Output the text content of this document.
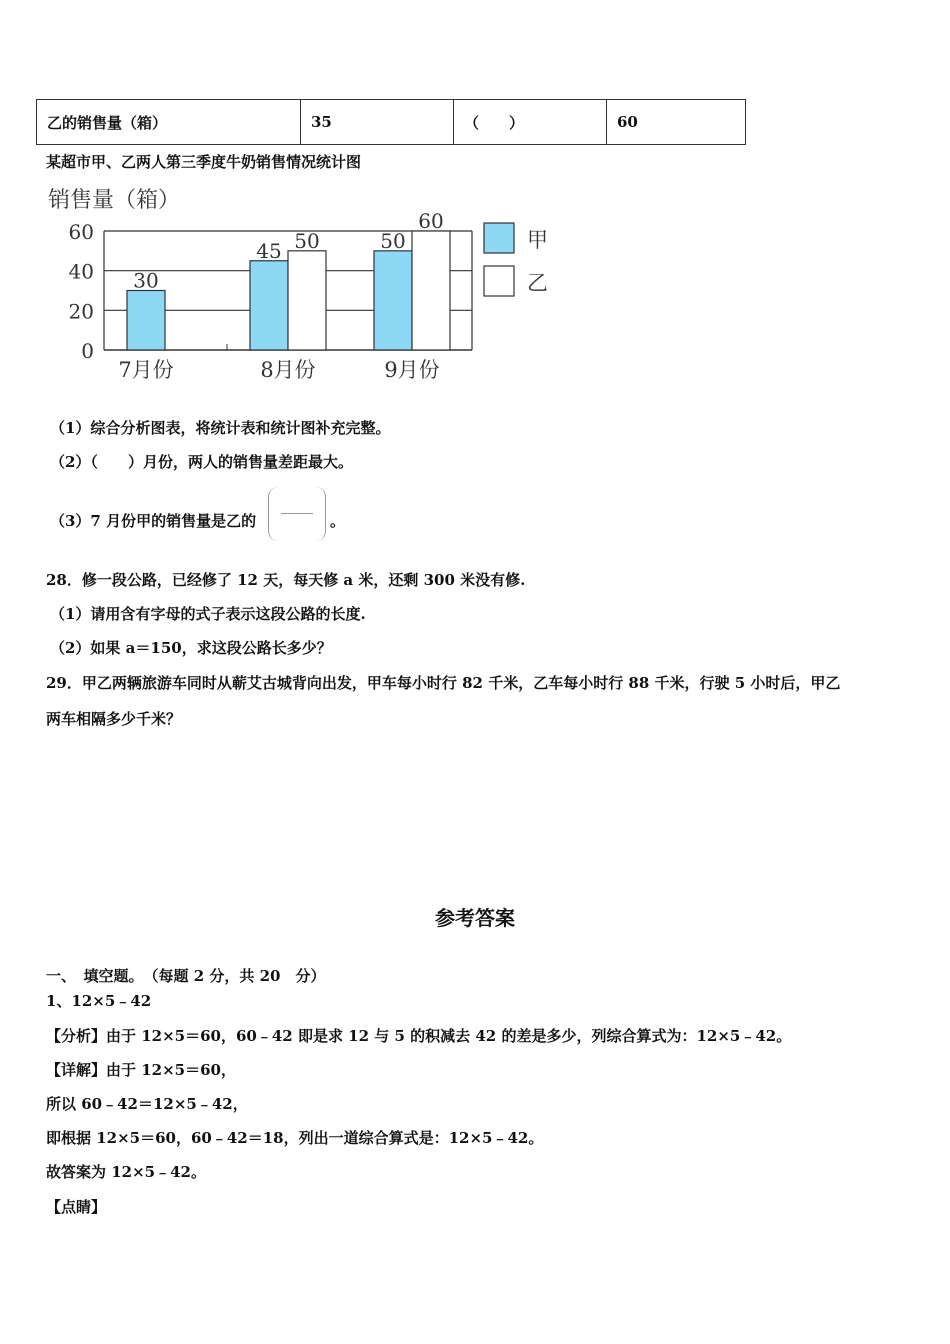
乙的销售量（箱）	35	（　　）	60
某超市甲、乙两人第三季度牛奶销售情况统计图
销售量（箱）
0
20
40
60
30
7月份
45 50
8月份
50
60
9月份
甲
乙
（1）综合分析图表，将统计表和统计图补充完整。
（2）（　　）月份，两人的销售量差距最大。
（3）7 月份甲的销售量是乙的	。
28．修一段公路，已经修了 12 天，每天修 a 米，还剩 300 米没有修.
（1）请用含有字母的式子表示这段公路的长度.
（2）如果 a＝150，求这段公路长多少？
29．甲乙两辆旅游车同时从蕲艾古城背向出发，甲车每小时行 82 千米，乙车每小时行 88 千米，行驶 5 小时后，甲乙
两车相隔多少千米？
参考答案
一、　填空题。　（每题 2 分，共 20　分）
1、12×5﹣42
【分析】由于 12×5＝60，60﹣42 即是求 12 与 5 的积减去 42 的差是多少，列综合算式为：12×5﹣42。
【详解】由于 12×5＝60，
所以 60﹣42＝12×5﹣42，
即根据 12×5＝60，60﹣42＝18，列出一道综合算式是：12×5﹣42。
故答案为 12×5﹣42。
【点睛】
